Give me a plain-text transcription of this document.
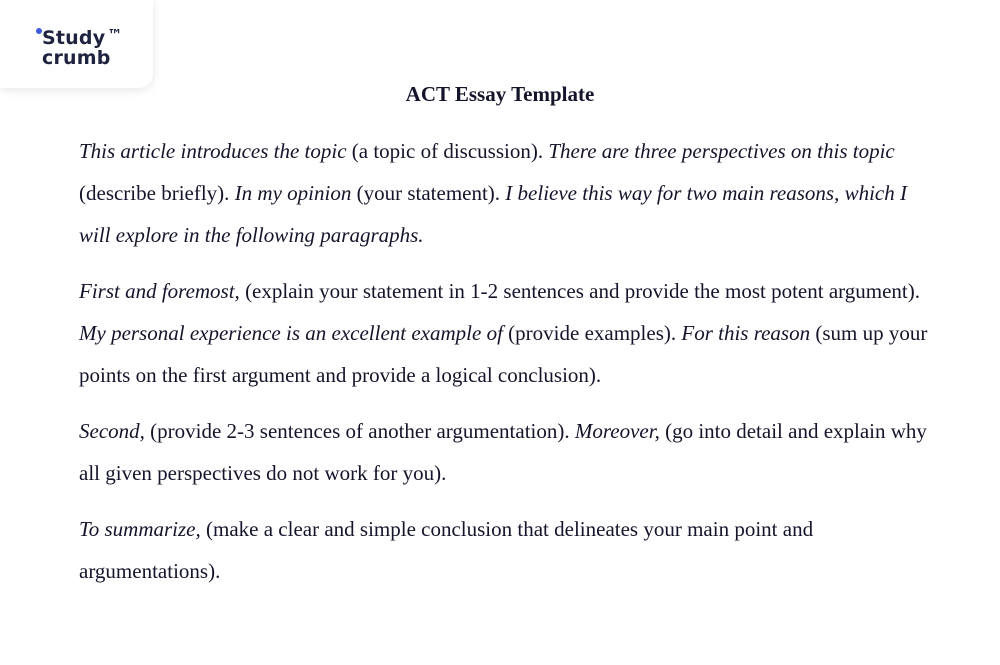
Study ™
crumb
ACT Essay Template

This article introduces the topic (a topic of discussion). There are three perspectives on this topic (describe briefly). In my opinion (your statement). I believe this way for two main reasons, which I will explore in the following paragraphs.

First and foremost, (explain your statement in 1-2 sentences and provide the most potent argument). My personal experience is an excellent example of (provide examples). For this reason (sum up your points on the first argument and provide a logical conclusion).

Second, (provide 2-3 sentences of another argumentation). Moreover, (go into detail and explain why all given perspectives do not work for you).

To summarize, (make a clear and simple conclusion that delineates your main point and argumentations).
